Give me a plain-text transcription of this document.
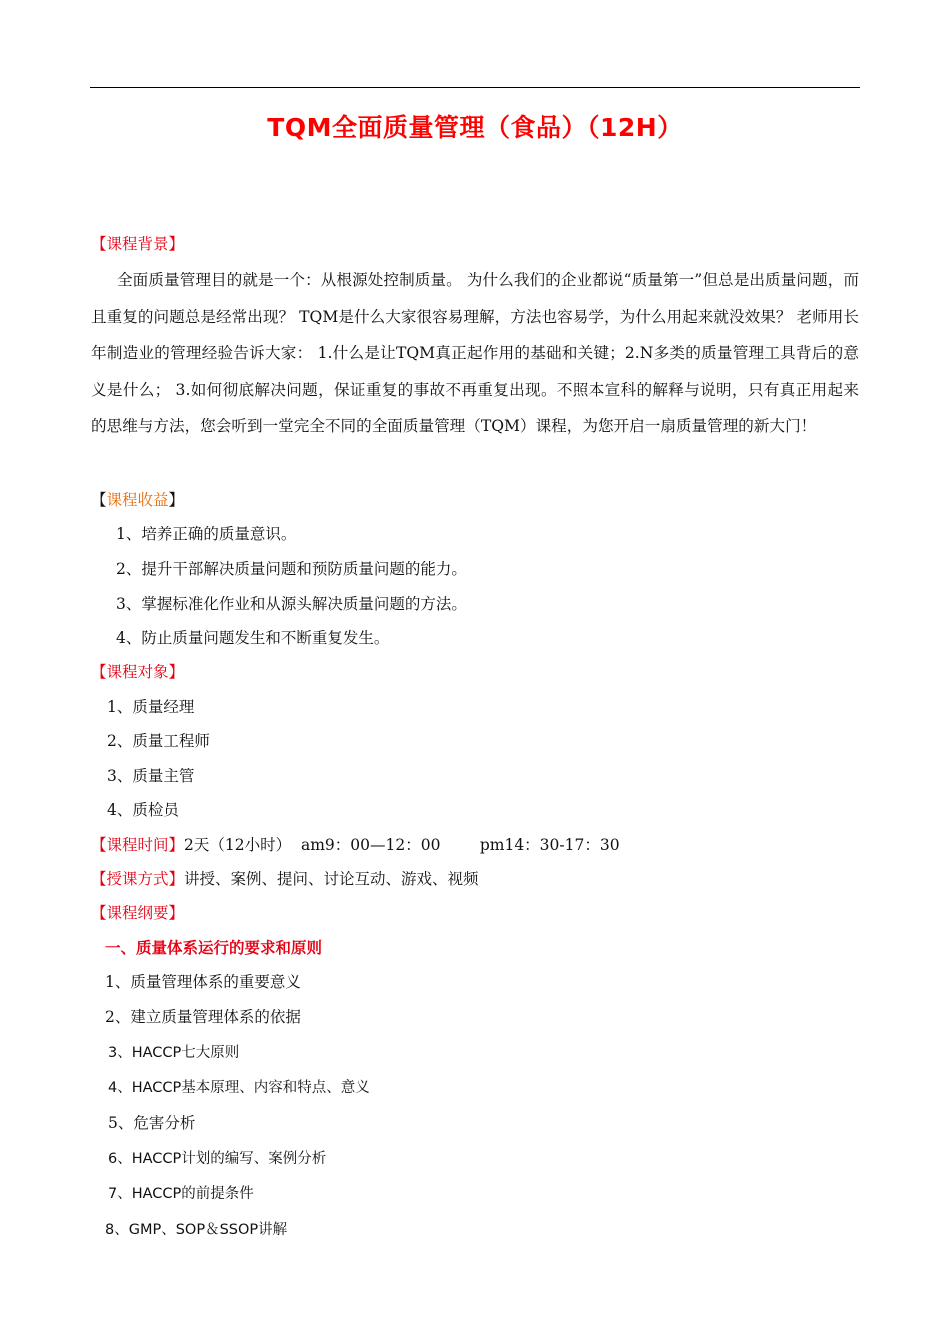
TQM全面质量管理（食品）（12H）
【课程背景】
全面质量管理目的就是一个：从根源处控制质量。 为什么我们的企业都说“质量第一”但总是出质量问题，而且重复的问题总是经常出现？ TQM是什么大家很容易理解，方法也容易学，为什么用起来就没效果？ 老师用长年制造业的管理经验告诉大家： 1.什么是让TQM真正起作用的基础和关键；2.N多类的质量管理工具背后的意义是什么； 3.如何彻底解决问题，保证重复的事故不再重复出现。不照本宣科的解释与说明，只有真正用起来的思维与方法，您会听到一堂完全不同的全面质量管理（TQM）课程，为您开启一扇质量管理的新大门！
【课程收益】
1、培养正确的质量意识。
2、提升干部解决质量问题和预防质量问题的能力。
3、掌握标准化作业和从源头解决质量问题的方法。
4、防止质量问题发生和不断重复发生。
【课程对象】
1、质量经理
2、质量工程师
3、质量主管
4、质检员
【课程时间】2天（12小时）  am9：00—12：00        pm14：30-17：30
【授课方式】讲授、案例、提问、讨论互动、游戏、视频
【课程纲要】
一、质量体系运行的要求和原则
1、质量管理体系的重要意义
2、建立质量管理体系的依据
3、HACCP七大原则
4、HACCP基本原理、内容和特点、意义
5、危害分析
6、HACCP计划的编写、案例分析
7、HACCP的前提条件
8、GMP、SOP＆SSOP讲解
